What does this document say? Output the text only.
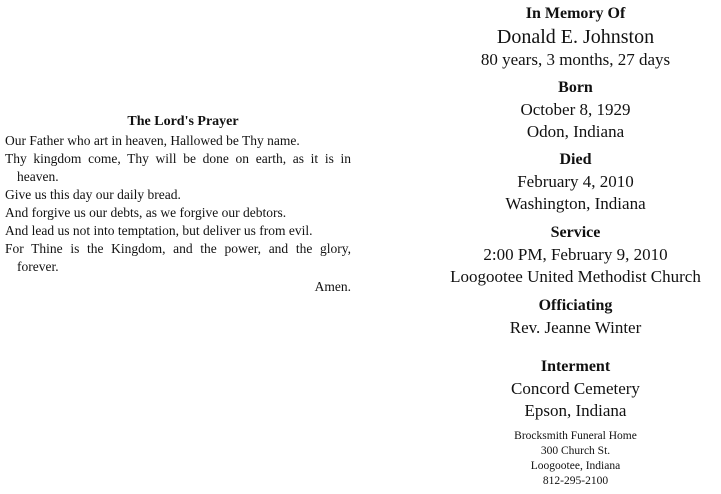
The Lord's Prayer

Our Father who art in heaven, Hallowed be Thy name.

Thy kingdom come, Thy will be done on earth, as it is in heaven.

Give us this day our daily bread.

And forgive us our debts, as we forgive our debtors.

And lead us not into temptation, but deliver us from evil.

For Thine is the Kingdom, and the power, and the glory, forever.

Amen.
In Memory Of
Donald E. Johnston
80 years, 3 months, 27 days
Born
October 8, 1929
Odon, Indiana
Died
February 4, 2010
Washington, Indiana
Service
2:00 PM, February 9, 2010
Loogootee United Methodist Church
Officiating
Rev. Jeanne Winter
Interment
Concord Cemetery
Epson, Indiana
Brocksmith Funeral Home
300 Church St.
Loogootee, Indiana
812-295-2100
